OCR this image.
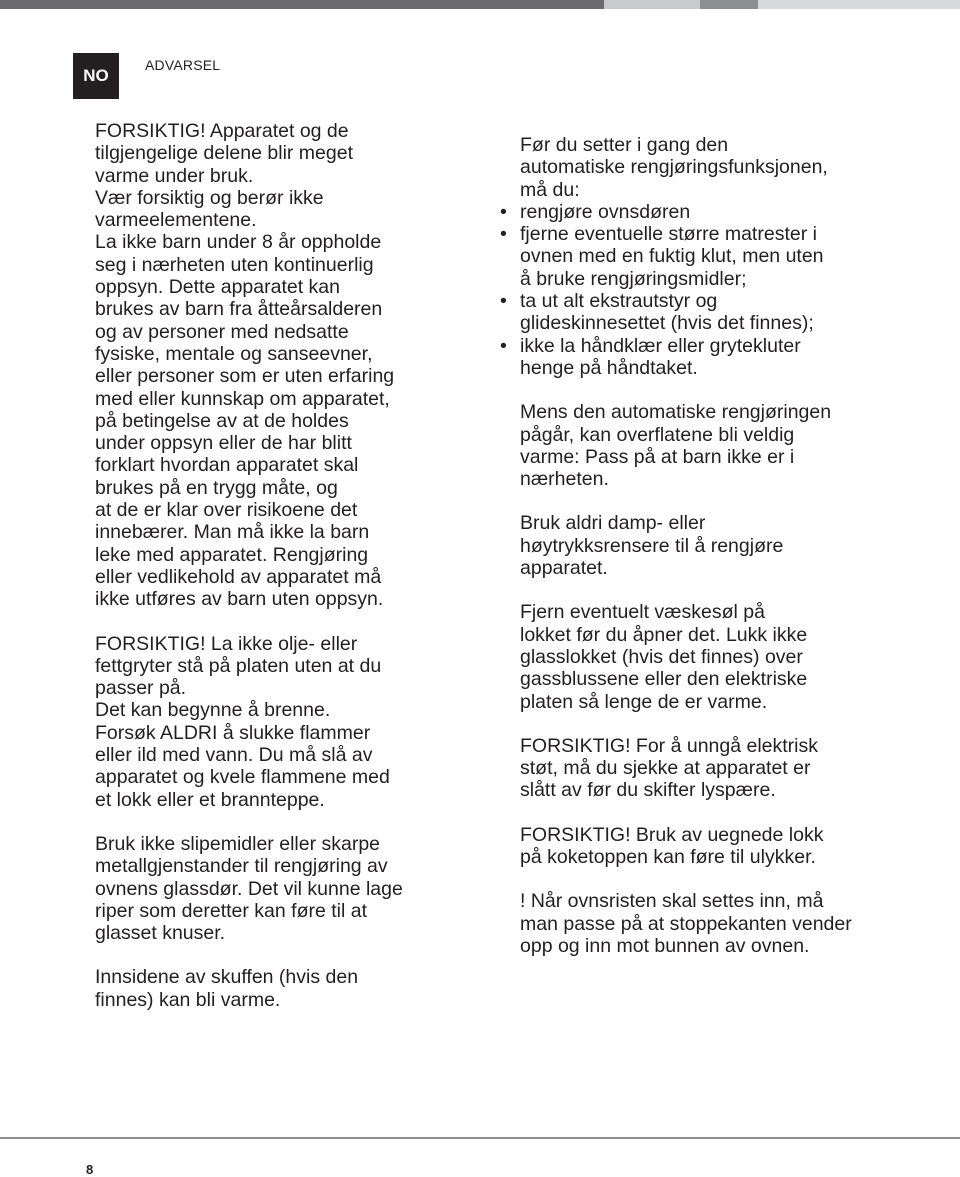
NO
ADVARSEL

FORSIKTIG! Apparatet og de
tilgjengelige delene blir meget
varme under bruk.
Vær forsiktig og berør ikke
varmeelementene.
La ikke barn under 8 år oppholde
seg i nærheten uten kontinuerlig
oppsyn. Dette apparatet kan
brukes av barn fra åtteårsalderen
og av personer med nedsatte
fysiske, mentale og sanseevner,
eller personer som er uten erfaring
med eller kunnskap om apparatet,
på betingelse av at de holdes
under oppsyn eller de har blitt
forklart hvordan apparatet skal
brukes på en trygg måte, og
at de er klar over risikoene det
innebærer. Man må ikke la barn
leke med apparatet. Rengjøring
eller vedlikehold av apparatet må
ikke utføres av barn uten oppsyn.

FORSIKTIG! La ikke olje- eller
fettgryter stå på platen uten at du
passer på.
Det kan begynne å brenne.
Forsøk ALDRI å slukke flammer
eller ild med vann. Du må slå av
apparatet og kvele flammene med
et lokk eller et brannteppe.

Bruk ikke slipemidler eller skarpe
metallgjenstander til rengjøring av
ovnens glassdør. Det vil kunne lage
riper som deretter kan føre til at
glasset knuser.

Innsidene av skuffen (hvis den
finnes) kan bli varme.

Før du setter i gang den
automatiske rengjøringsfunksjonen,
må du:

• rengjøre ovnsdøren
• fjerne eventuelle større matrester i
ovnen med en fuktig klut, men uten
å bruke rengjøringsmidler;
• ta ut alt ekstrautstyr og
glideskinnesettet (hvis det finnes);
• ikke la håndklær eller grytekluter
henge på håndtaket.

Mens den automatiske rengjøringen
pågår, kan overflatene bli veldig
varme: Pass på at barn ikke er i
nærheten.

Bruk aldri damp- eller
høytrykksrensere til å rengjøre
apparatet.

Fjern eventuelt væskesøl på
lokket før du åpner det. Lukk ikke
glasslokket (hvis det finnes) over
gassblussene eller den elektriske
platen så lenge de er varme.

FORSIKTIG! For å unngå elektrisk
støt, må du sjekke at apparatet er
slått av før du skifter lyspære.

FORSIKTIG! Bruk av uegnede lokk
på koketoppen kan føre til ulykker.

! Når ovnsristen skal settes inn, må
man passe på at stoppekanten vender
opp og inn mot bunnen av ovnen.

8
